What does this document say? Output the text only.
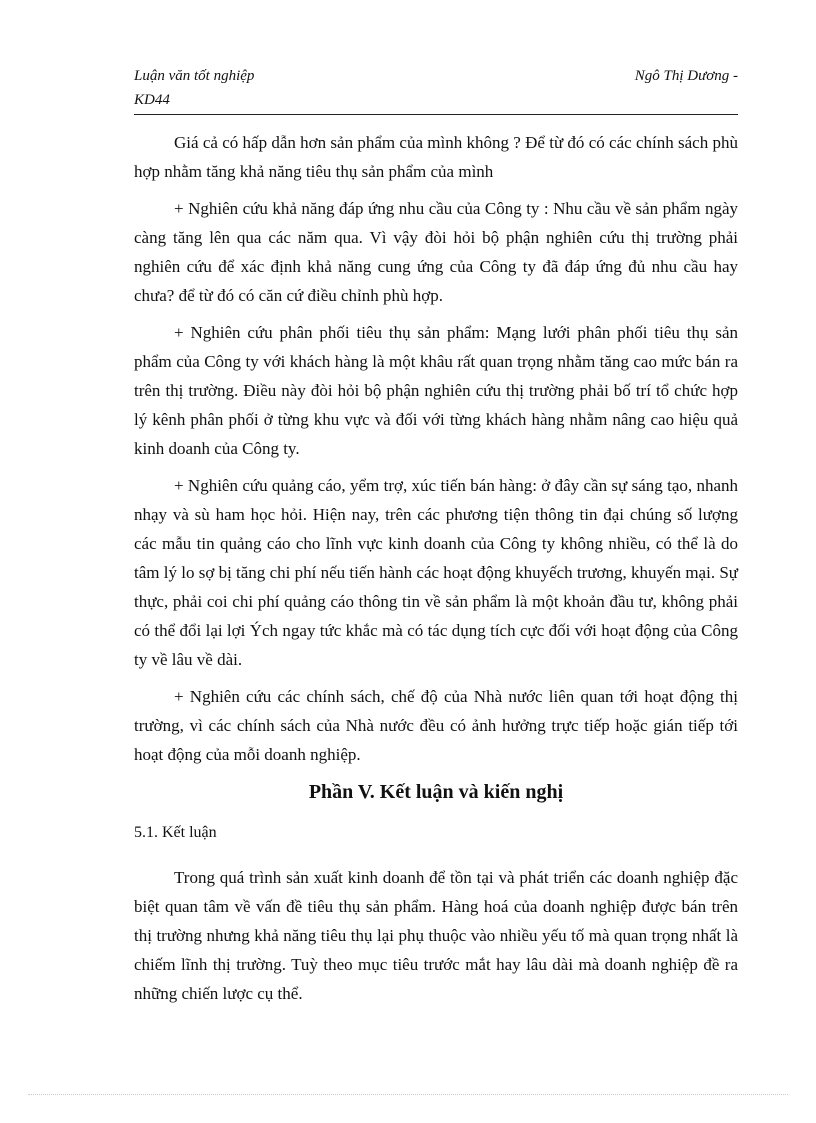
Luận văn tốt nghiệp	Ngô Thị Dương -
KD44

Giá cả có hấp dẫn hơn sản phẩm của mình không ? Để từ đó có các chính sách phù hợp nhằm tăng khả năng tiêu thụ sản phẩm của mình

+ Nghiên cứu khả năng đáp ứng nhu cầu của Công ty : Nhu cầu về sản phẩm ngày càng tăng lên qua các năm qua. Vì vậy đòi hỏi bộ phận nghiên cứu thị trường phải nghiên cứu để xác định khả năng cung ứng của Công ty đã đáp ứng đủ nhu cầu hay chưa? để từ đó có căn cứ điều chỉnh phù hợp.

+ Nghiên cứu phân phối tiêu thụ sản phẩm: Mạng lưới phân phối tiêu thụ sản phẩm của Công ty với khách hàng là một khâu rất quan trọng nhằm tăng cao mức bán ra trên thị trường. Điều này đòi hỏi bộ phận nghiên cứu thị trường phải bố trí tổ chức hợp lý kênh phân phối ở từng khu vực và đối với từng khách hàng nhằm nâng cao hiệu quả kinh doanh của Công ty.

+ Nghiên cứu quảng cáo, yểm trợ, xúc tiến bán hàng: ở đây cần sự sáng tạo, nhanh nhạy và sù ham học hỏi. Hiện nay, trên các phương tiện thông tin đại chúng số lượng các mẫu tin quảng cáo cho lĩnh vực kinh doanh của Công ty không nhiều, có thể là do tâm lý lo sợ bị tăng chi phí nếu tiến hành các hoạt động khuyếch trương, khuyến mại. Sự thực, phải coi chi phí quảng cáo thông tin về sản phẩm là một khoản đầu tư, không phải có thể đổi lại lợi Ých ngay tức khắc mà có tác dụng tích cực đối với hoạt động của Công ty về lâu về dài.

+ Nghiên cứu các chính sách, chế độ của Nhà nước liên quan tới hoạt động thị trường, vì các chính sách của Nhà nước đều có ảnh hưởng trực tiếp hoặc gián tiếp tới hoạt động của mỗi doanh nghiệp.

Phần V. Kết luận và kiến nghị
5.1. Kết luận

Trong quá trình sản xuất kinh doanh để tồn tại và phát triển các doanh nghiệp đặc biệt quan tâm về vấn đề tiêu thụ sản phẩm. Hàng hoá của doanh nghiệp được bán trên thị trường nhưng khả năng tiêu thụ lại phụ thuộc vào nhiều yếu tố mà quan trọng nhất là chiếm lĩnh thị trường. Tuỳ theo mục tiêu trước mắt hay lâu dài mà doanh nghiệp đề ra những chiến lược cụ thể.
